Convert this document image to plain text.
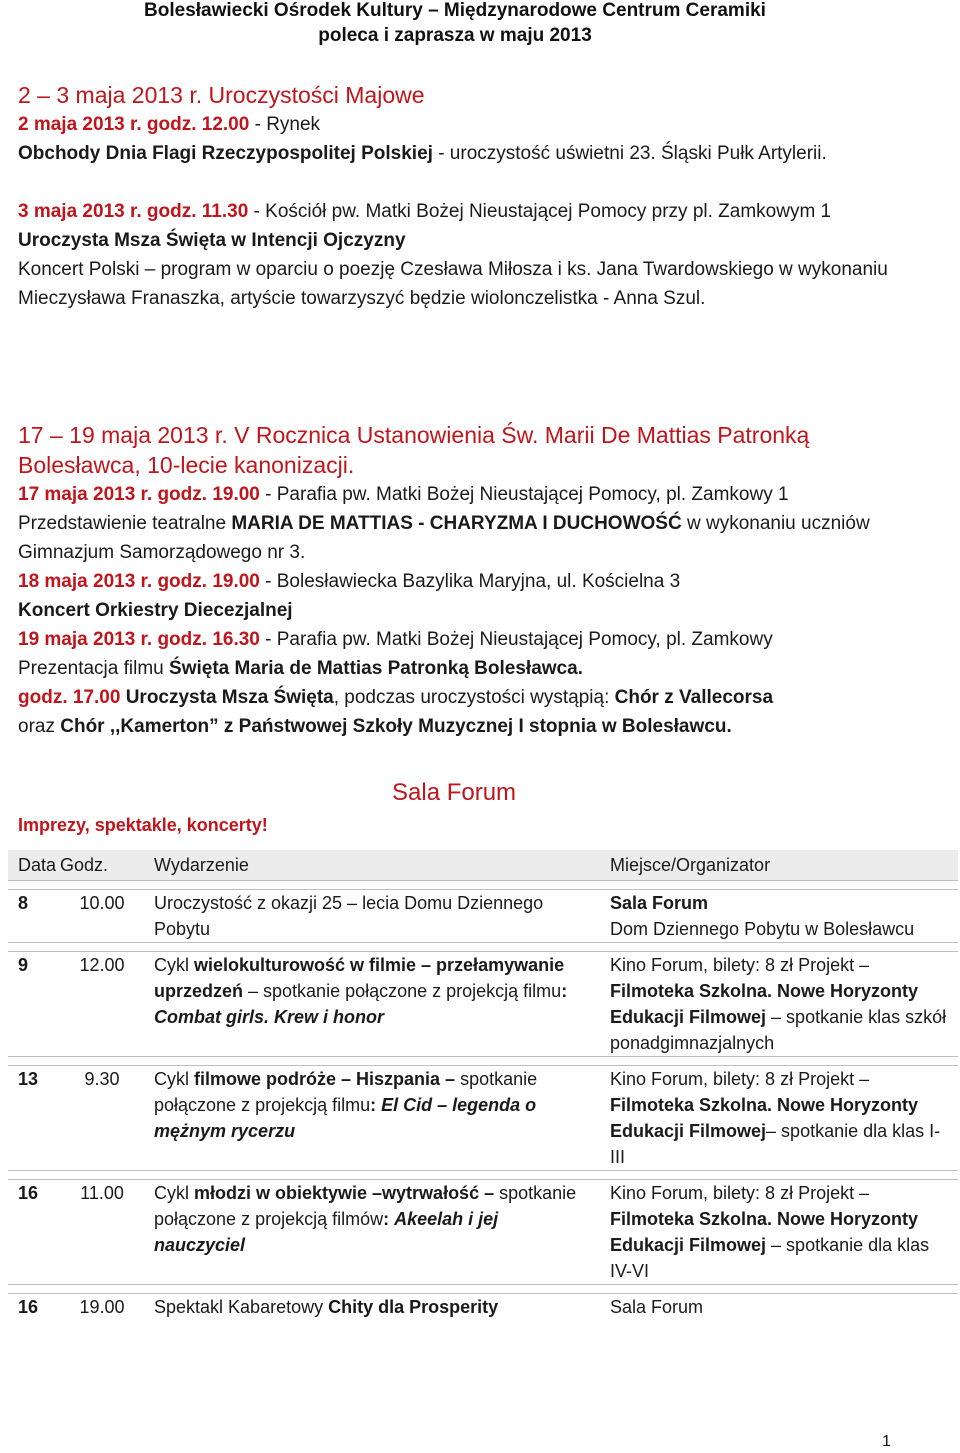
Bolesławiecki Ośrodek Kultury – Międzynarodowe Centrum Ceramiki
poleca i zaprasza w maju 2013
2 – 3 maja 2013 r. Uroczystości Majowe
2 maja 2013 r. godz. 12.00 - Rynek
Obchody Dnia Flagi Rzeczypospolitej Polskiej - uroczystość uświetni 23. Śląski Pułk Artylerii.
3 maja 2013 r. godz. 11.30 - Kościół pw. Matki Bożej Nieustającej Pomocy przy pl. Zamkowym 1
Uroczysta Msza Święta w Intencji Ojczyzny
Koncert Polski – program w oparciu o poezję Czesława Miłosza i ks. Jana Twardowskiego w wykonaniu Mieczysława Franaszka, artyście towarzyszyć będzie wiolonczelistka - Anna Szul.
17 – 19 maja 2013 r. V Rocznica Ustanowienia Św. Marii De Mattias Patronką Bolesławca, 10-lecie kanonizacji.
17 maja 2013 r. godz. 19.00 - Parafia pw. Matki Bożej Nieustającej Pomocy, pl. Zamkowy 1
Przedstawienie teatralne MARIA DE MATTIAS - CHARYZMA I DUCHOWOŚĆ w wykonaniu uczniów Gimnazjum Samorządowego nr 3.
18 maja 2013 r. godz. 19.00 - Bolesławiecka Bazylika Maryjna, ul. Kościelna 3
Koncert Orkiestry Diecezjalnej
19 maja 2013 r. godz. 16.30 - Parafia pw. Matki Bożej Nieustającej Pomocy, pl. Zamkowy
Prezentacja filmu Święta Maria de Mattias Patronką Bolesławca.
godz. 17.00 Uroczysta Msza Święta, podczas uroczystości wystąpią: Chór z Vallecorsa
oraz Chór ,,Kamerton” z Państwowej Szkoły Muzycznej I stopnia w Bolesławcu.
Sala Forum
Imprezy, spektakle, koncerty!
Data	Godz.	Wydarzenie	Miejsce/Organizator

8	10.00	Uroczystość z okazji 25 – lecia Domu Dziennego Pobytu	Sala Forum
Dom Dziennego Pobytu w Bolesławcu

9	12.00	Cykl wielokulturowość w filmie – przełamywanie uprzedzeń – spotkanie połączone z projekcją filmu: Combat girls. Krew i honor	Kino Forum, bilety: 8 zł Projekt – Filmoteka Szkolna. Nowe Horyzonty Edukacji Filmowej – spotkanie klas szkół ponadgimnazjalnych

13	9.30	Cykl filmowe podróże – Hiszpania – spotkanie połączone z projekcją filmu: El Cid – legenda o mężnym rycerzu	Kino Forum, bilety: 8 zł Projekt – Filmoteka Szkolna. Nowe Horyzonty Edukacji Filmowej– spotkanie dla klas I-III

16	11.00	Cykl młodzi w obiektywie –wytrwałość – spotkanie połączone z projekcją filmów: Akeelah i jej nauczyciel	Kino Forum, bilety: 8 zł Projekt – Filmoteka Szkolna. Nowe Horyzonty Edukacji Filmowej – spotkanie dla klas IV-VI

16	19.00	Spektakl Kabaretowy Chity dla Prosperity	Sala Forum
1
